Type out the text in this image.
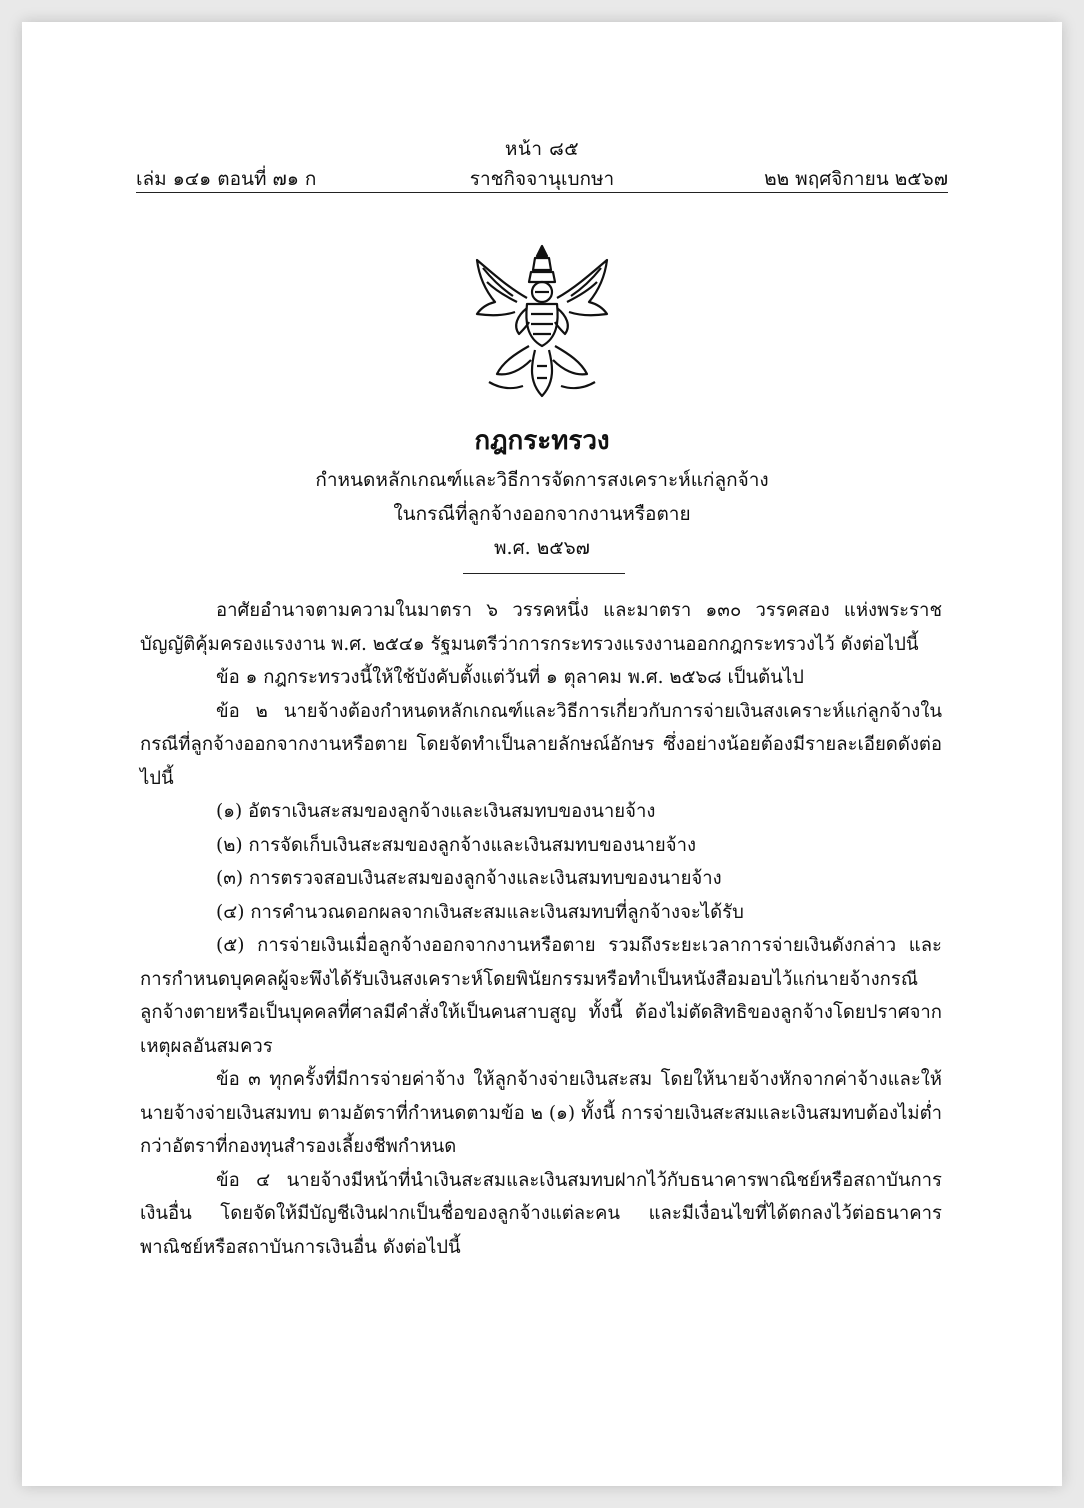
หน้า ๘๕
ราชกิจจานุเบกษา
เล่ม ๑๔๑ ตอนที่ ๗๑ ก	๒๒ พฤศจิกายน ๒๕๖๗
กฎกระทรวง
กำหนดหลักเกณฑ์และวิธีการจัดการสงเคราะห์แก่ลูกจ้าง
ในกรณีที่ลูกจ้างออกจากงานหรือตาย
พ.ศ. ๒๕๖๗

อาศัยอำนาจตามความในมาตรา ๖ วรรคหนึ่ง และมาตรา ๑๓๐ วรรคสอง แห่งพระราชบัญญัติคุ้มครองแรงงาน พ.ศ. ๒๕๔๑ รัฐมนตรีว่าการกระทรวงแรงงานออกกฎกระทรวงไว้ ดังต่อไปนี้

ข้อ ๑ กฎกระทรวงนี้ให้ใช้บังคับตั้งแต่วันที่ ๑ ตุลาคม พ.ศ. ๒๕๖๘ เป็นต้นไป

ข้อ ๒ นายจ้างต้องกำหนดหลักเกณฑ์และวิธีการเกี่ยวกับการจ่ายเงินสงเคราะห์แก่ลูกจ้างในกรณีที่ลูกจ้างออกจากงานหรือตาย โดยจัดทำเป็นลายลักษณ์อักษร ซึ่งอย่างน้อยต้องมีรายละเอียดดังต่อไปนี้

(๑) อัตราเงินสะสมของลูกจ้างและเงินสมทบของนายจ้าง

(๒) การจัดเก็บเงินสะสมของลูกจ้างและเงินสมทบของนายจ้าง

(๓) การตรวจสอบเงินสะสมของลูกจ้างและเงินสมทบของนายจ้าง

(๔) การคำนวณดอกผลจากเงินสะสมและเงินสมทบที่ลูกจ้างจะได้รับ

(๕) การจ่ายเงินเมื่อลูกจ้างออกจากงานหรือตาย รวมถึงระยะเวลาการจ่ายเงินดังกล่าว และการกำหนดบุคคลผู้จะพึงได้รับเงินสงเคราะห์โดยพินัยกรรมหรือทำเป็นหนังสือมอบไว้แก่นายจ้างกรณีลูกจ้างตายหรือเป็นบุคคลที่ศาลมีคำสั่งให้เป็นคนสาบสูญ ทั้งนี้ ต้องไม่ตัดสิทธิของลูกจ้างโดยปราศจากเหตุผลอันสมควร

ข้อ ๓ ทุกครั้งที่มีการจ่ายค่าจ้าง ให้ลูกจ้างจ่ายเงินสะสม โดยให้นายจ้างหักจากค่าจ้างและให้นายจ้างจ่ายเงินสมทบ ตามอัตราที่กำหนดตามข้อ ๒ (๑) ทั้งนี้ การจ่ายเงินสะสมและเงินสมทบต้องไม่ต่ำกว่าอัตราที่กองทุนสำรองเลี้ยงชีพกำหนด

ข้อ ๔ นายจ้างมีหน้าที่นำเงินสะสมและเงินสมทบฝากไว้กับธนาคารพาณิชย์หรือสถาบันการเงินอื่น โดยจัดให้มีบัญชีเงินฝากเป็นชื่อของลูกจ้างแต่ละคน และมีเงื่อนไขที่ได้ตกลงไว้ต่อธนาคารพาณิชย์หรือสถาบันการเงินอื่น ดังต่อไปนี้
